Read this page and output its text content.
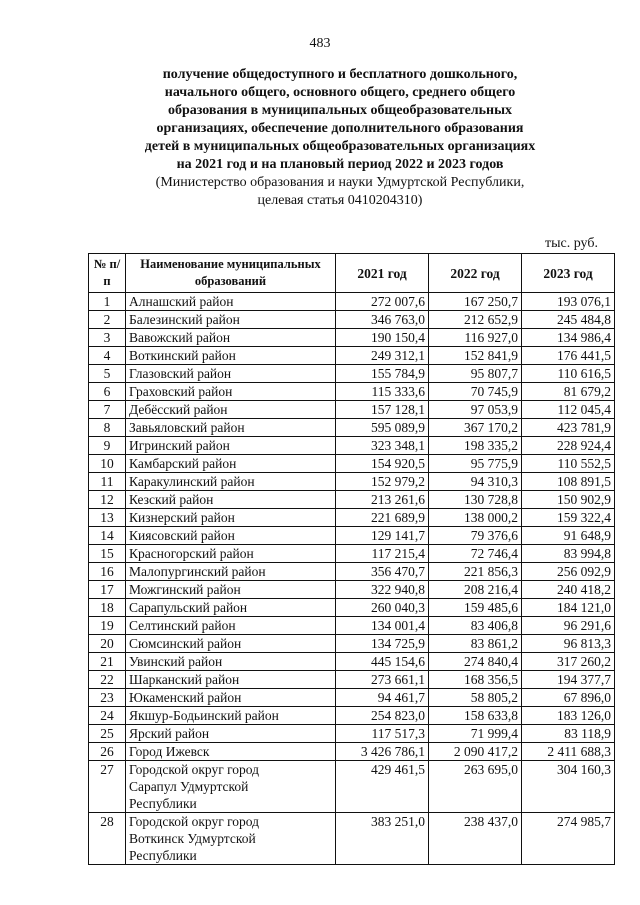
483
получение общедоступного и бесплатного дошкольного,
начального общего, основного общего, среднего общего
образования в муниципальных общеобразовательных
организациях, обеспечение дополнительного образования
детей в муниципальных общеобразовательных организациях
на 2021 год и на плановый период 2022 и 2023 годов
(Министерство образования и науки Удмуртской Республики,
целевая статья 0410204310)
тыс. руб.
№ п/п	Наименование муниципальных образований	2021 год	2022 год	2023 год
1	Алнашский район	272 007,6	167 250,7	193 076,1
2	Балезинский район	346 763,0	212 652,9	245 484,8
3	Вавожский район	190 150,4	116 927,0	134 986,4
4	Воткинский район	249 312,1	152 841,9	176 441,5
5	Глазовский район	155 784,9	95 807,7	110 616,5
6	Граховский район	115 333,6	70 745,9	81 679,2
7	Дебёсский район	157 128,1	97 053,9	112 045,4
8	Завьяловский район	595 089,9	367 170,2	423 781,9
9	Игринский район	323 348,1	198 335,2	228 924,4
10	Камбарский район	154 920,5	95 775,9	110 552,5
11	Каракулинский район	152 979,2	94 310,3	108 891,5
12	Кезский район	213 261,6	130 728,8	150 902,9
13	Кизнерский район	221 689,9	138 000,2	159 322,4
14	Киясовский район	129 141,7	79 376,6	91 648,9
15	Красногорский район	117 215,4	72 746,4	83 994,8
16	Малопургинский район	356 470,7	221 856,3	256 092,9
17	Можгинский район	322 940,8	208 216,4	240 418,2
18	Сарапульский район	260 040,3	159 485,6	184 121,0
19	Селтинский район	134 001,4	83 406,8	96 291,6
20	Сюмсинский район	134 725,9	83 861,2	96 813,3
21	Увинский район	445 154,6	274 840,4	317 260,2
22	Шарканский район	273 661,1	168 356,5	194 377,7
23	Юкаменский район	94 461,7	58 805,2	67 896,0
24	Якшур-Бодьинский район	254 823,0	158 633,8	183 126,0
25	Ярский район	117 517,3	71 999,4	83 118,9
26	Город Ижевск	3 426 786,1	2 090 417,2	2 411 688,3
27	Городской округ город
Сарапул Удмуртской
Республики	429 461,5	263 695,0	304 160,3
28	Городской округ город
Воткинск Удмуртской
Республики	383 251,0	238 437,0	274 985,7
